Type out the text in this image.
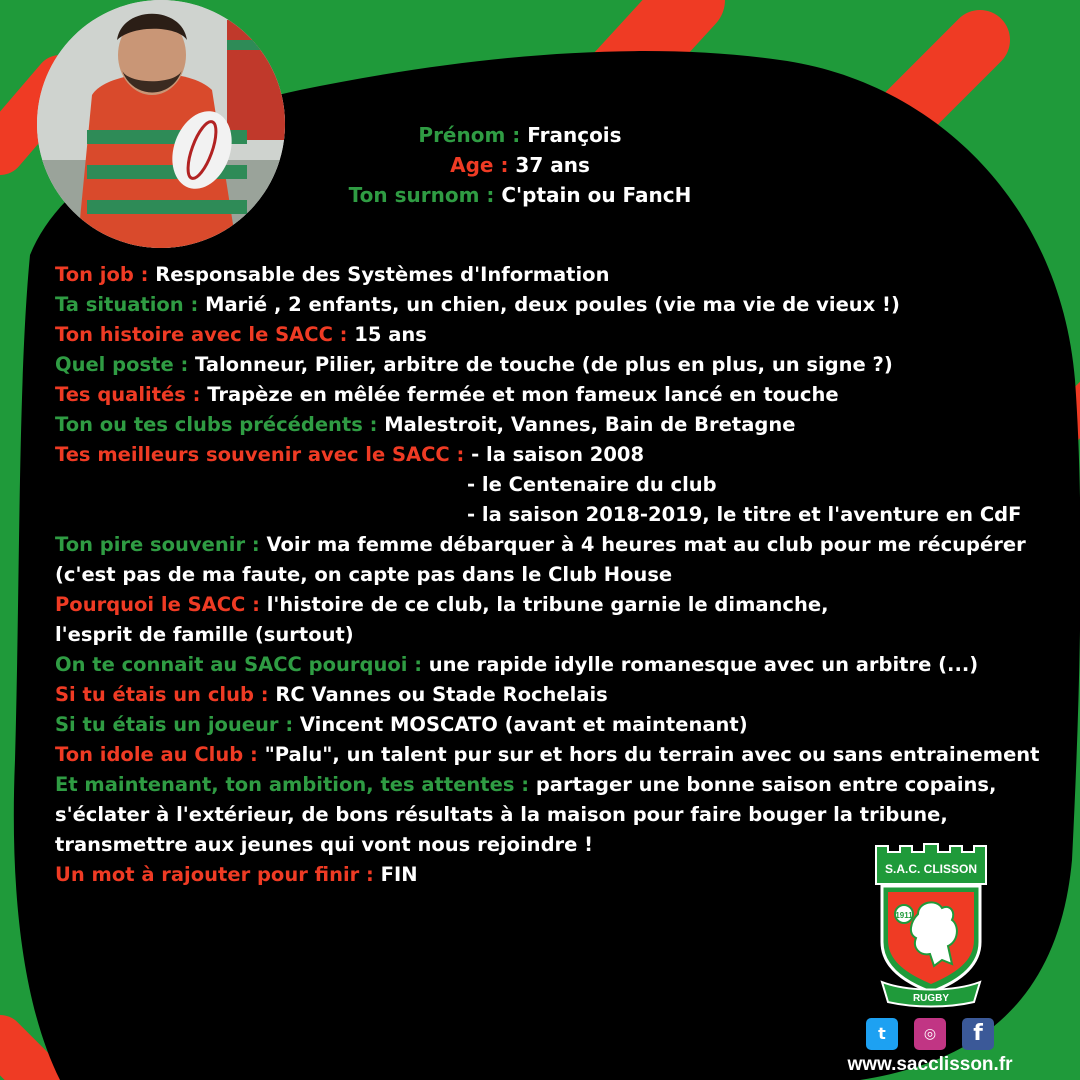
Prénom : François
Age : 37 ans
Ton surnom : C'ptain ou FancH
Ton job : Responsable des Systèmes d'Information
Ta situation : Marié , 2 enfants, un chien, deux poules (vie ma vie de vieux !)
Ton histoire avec le SACC : 15 ans
Quel poste : Talonneur, Pilier, arbitre de touche (de plus en plus, un signe ?)
Tes qualités : Trapèze en mêlée fermée et mon fameux lancé en touche
Ton ou tes clubs précédents : Malestroit, Vannes, Bain de Bretagne
Tes meilleurs souvenir avec le SACC : - la saison 2008
- le Centenaire du club
- la saison 2018-2019, le titre et l'aventure en CdF
Ton pire souvenir : Voir ma femme débarquer à 4 heures mat au club pour me récupérer
(c'est pas de ma faute, on capte pas dans le Club House
Pourquoi le SACC : l'histoire de ce club, la tribune garnie le dimanche,
l'esprit de famille (surtout)
On te connait au SACC pourquoi : une rapide idylle romanesque avec un arbitre (...)
Si tu étais un club : RC Vannes ou Stade Rochelais
Si tu étais un joueur : Vincent MOSCATO (avant et maintenant)
Ton idole au Club : "Palu", un talent pur sur et hors du terrain avec ou sans entrainement
Et maintenant, ton ambition, tes attentes : partager une bonne saison entre copains,
s'éclater à l'extérieur, de bons résultats à la maison pour faire bouger la tribune,
transmettre aux jeunes qui vont nous rejoindre !
Un mot à rajouter pour finir : FIN	S.A.C. CLISSON
1911
RUGBY
t	◎	f
www.sacclisson.fr
